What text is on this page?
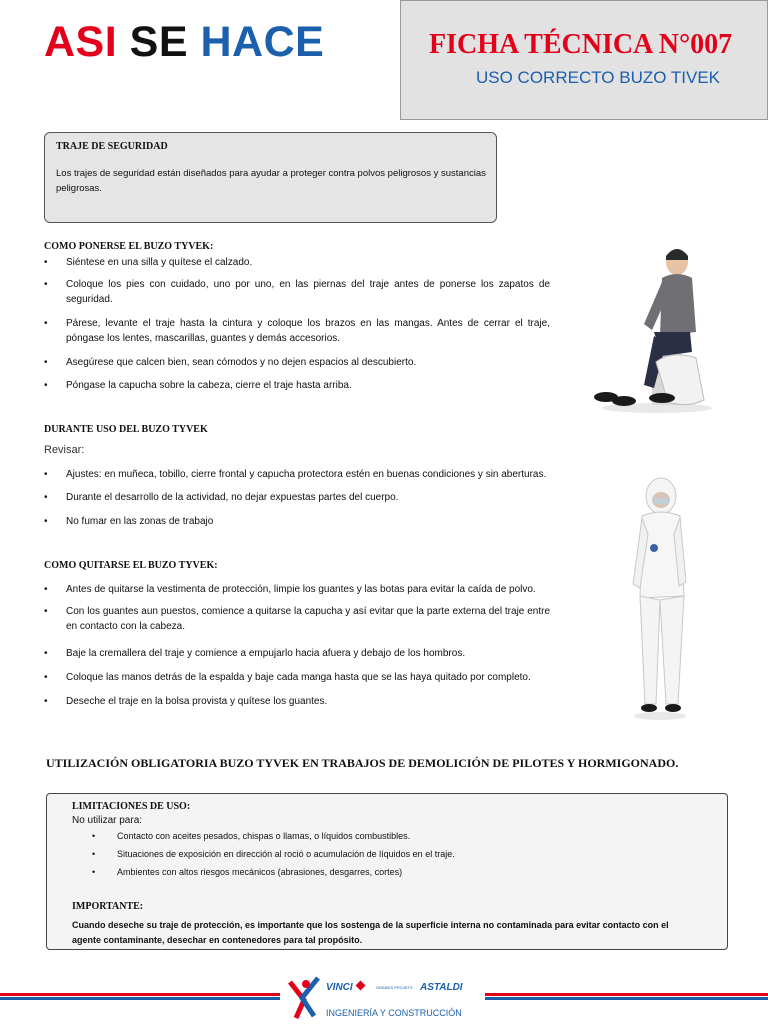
ASI SE HACE	FICHA TÉCNICA N°007
USO CORRECTO BUZO TIVEK
TRAJE DE SEGURIDAD
Los trajes de seguridad están diseñados para ayudar a proteger contra polvos peligrosos y sustancias peligrosas.
COMO PONERSE EL BUZO TYVEK:
•	Siéntese en una silla y quítese el calzado.
•	Coloque los pies con cuidado, uno por uno, en las piernas del traje antes de ponerse los zapatos de seguridad.
•	Párese, levante el traje hasta la cintura y coloque los brazos en las mangas. Antes de cerrar el traje, póngase los lentes, mascarillas, guantes y demás accesorios.
•	Asegúrese que calcen bien, sean cómodos y no dejen espacios al descubierto.
•	Póngase la capucha sobre la cabeza, cierre el traje hasta arriba.
DURANTE USO DEL BUZO TYVEK
Revisar:
•	Ajustes: en muñeca, tobillo, cierre frontal y capucha protectora estén en buenas condiciones y sin aberturas.
•	Durante el desarrollo de la actividad, no dejar expuestas partes del cuerpo.
•	No fumar en las zonas de trabajo
COMO QUITARSE EL BUZO TYVEK:
•	Antes de quitarse la vestimenta de protección, limpie los guantes y las botas para evitar la caída de polvo.
•	Con los guantes aun puestos, comience a quitarse la capucha y así evitar que la parte externa del traje entre en contacto con la cabeza.
•	Baje la cremallera del traje y comience a empujarlo hacia afuera y debajo de los hombros.
•	Coloque las manos detrás de la espalda y baje cada manga hasta que se las haya quitado por completo.
•	Deseche el traje en la bolsa provista y quítese los guantes.
UTILIZACIÓN OBLIGATORIA BUZO TYVEK EN TRABAJOS DE DEMOLICIÓN DE PILOTES Y HORMIGONADO.
LIMITACIONES DE USO:
No utilizar para:
• Contacto con aceites pesados, chispas o llamas, o líquidos combustibles.
• Situaciones de exposición en dirección al roció o acumulación de líquidos en el traje.
• Ambientes con altos riesgos mecánicos (abrasiones, desgarres, cortes)
IMPORTANTE:
Cuando deseche su traje de protección, es importante que los sostenga de la superficie interna no contaminada para evitar contacto con el agente contaminante, desechar en contenedores para tal propósito.
VINCI	GRANDS PROJETS ASTALDI
INGENIERÍA Y CONSTRUCCIÓN
